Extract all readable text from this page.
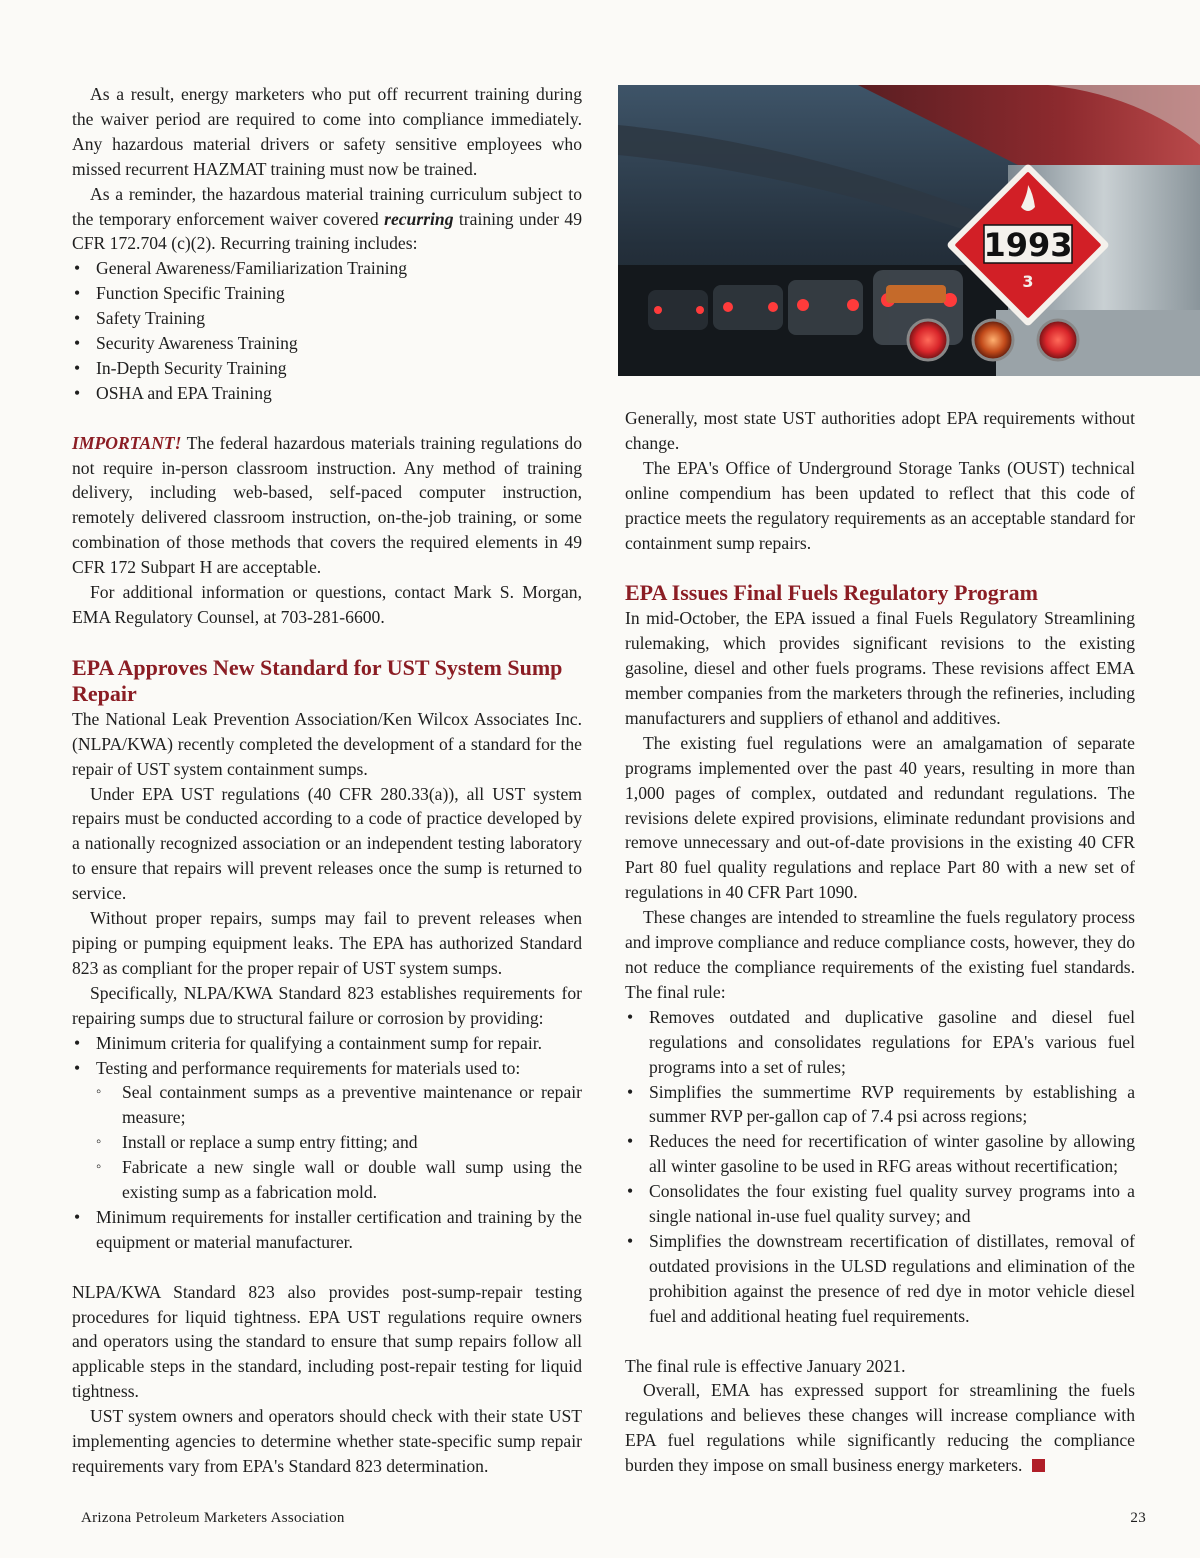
As a result, energy marketers who put off recurrent training during the waiver period are required to come into compliance immediately. Any hazardous material drivers or safety sensitive employees who missed recurrent HAZMAT training must now be trained.

As a reminder, the hazardous material training curriculum subject to the temporary enforcement waiver covered recurring training under 49 CFR 172.704 (c)(2). Recurring training includes:

• General Awareness/Familiarization Training
• Function Specific Training
• Safety Training
• Security Awareness Training
• In-Depth Security Training
• OSHA and EPA Training

IMPORTANT! The federal hazardous materials training regulations do not require in-person classroom instruction. Any method of training delivery, including web-based, self-paced computer instruction, remotely delivered classroom instruction, on-the-job training, or some combination of those methods that covers the required elements in 49 CFR 172 Subpart H are acceptable.

For additional information or questions, contact Mark S. Morgan, EMA Regulatory Counsel, at 703-281-6600.

EPA Approves New Standard for UST System Sump Repair

The National Leak Prevention Association/Ken Wilcox Associates Inc. (NLPA/KWA) recently completed the development of a standard for the repair of UST system containment sumps.

Under EPA UST regulations (40 CFR 280.33(a)), all UST system repairs must be conducted according to a code of practice developed by a nationally recognized association or an independent testing laboratory to ensure that repairs will prevent releases once the sump is returned to service.

Without proper repairs, sumps may fail to prevent releases when piping or pumping equipment leaks. The EPA has authorized Standard 823 as compliant for the proper repair of UST system sumps.

Specifically, NLPA/KWA Standard 823 establishes requirements for repairing sumps due to structural failure or corrosion by providing:

• Minimum criteria for qualifying a containment sump for repair.
• Testing and performance requirements for materials used to:
◦ Seal containment sumps as a preventive maintenance or repair measure;
◦ Install or replace a sump entry fitting; and
◦ Fabricate a new single wall or double wall sump using the existing sump as a fabrication mold.
• Minimum requirements for installer certification and training by the equipment or material manufacturer.

NLPA/KWA Standard 823 also provides post-sump-repair testing procedures for liquid tightness. EPA UST regulations require owners and operators using the standard to ensure that sump repairs follow all applicable steps in the standard, including post-repair testing for liquid tightness.

UST system owners and operators should check with their state UST implementing agencies to determine whether state-specific sump repair requirements vary from EPA's Standard 823 determination.

1993
3

Generally, most state UST authorities adopt EPA requirements without change.

The EPA's Office of Underground Storage Tanks (OUST) technical online compendium has been updated to reflect that this code of practice meets the regulatory requirements as an acceptable standard for containment sump repairs.

EPA Issues Final Fuels Regulatory Program

In mid-October, the EPA issued a final Fuels Regulatory Streamlining rulemaking, which provides significant revisions to the existing gasoline, diesel and other fuels programs. These revisions affect EMA member companies from the marketers through the refineries, including manufacturers and suppliers of ethanol and additives.

The existing fuel regulations were an amalgamation of separate programs implemented over the past 40 years, resulting in more than 1,000 pages of complex, outdated and redundant regulations. The revisions delete expired provisions, eliminate redundant provisions and remove unnecessary and out-of-date provisions in the existing 40 CFR Part 80 fuel quality regulations and replace Part 80 with a new set of regulations in 40 CFR Part 1090.

These changes are intended to streamline the fuels regulatory process and improve compliance and reduce compliance costs, however, they do not reduce the compliance requirements of the existing fuel standards. The final rule:

• Removes outdated and duplicative gasoline and diesel fuel regulations and consolidates regulations for EPA's various fuel programs into a set of rules;
• Simplifies the summertime RVP requirements by establishing a summer RVP per-gallon cap of 7.4 psi across regions;
• Reduces the need for recertification of winter gasoline by allowing all winter gasoline to be used in RFG areas without recertification;
• Consolidates the four existing fuel quality survey programs into a single national in-use fuel quality survey; and
• Simplifies the downstream recertification of distillates, removal of outdated provisions in the ULSD regulations and elimination of the prohibition against the presence of red dye in motor vehicle diesel fuel and additional heating fuel requirements.

The final rule is effective January 2021.

Overall, EMA has expressed support for streamlining the fuels regulations and believes these changes will increase compliance with EPA fuel regulations while significantly reducing the compliance burden they impose on small business energy marketers.

Arizona Petroleum Marketers Association	23
